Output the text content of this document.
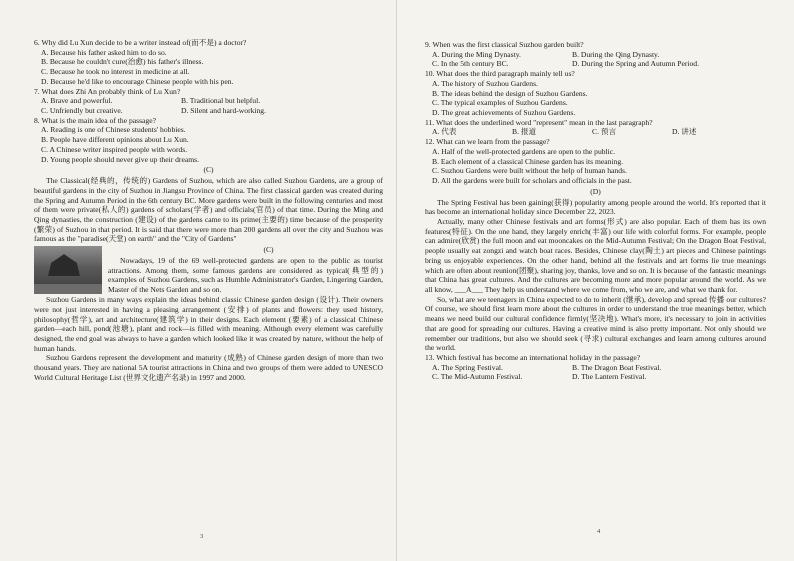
6. Why did Lu Xun decide to be a writer instead of(而不是) a doctor?

A. Because his father asked him to do so.

B. Because he couldn't cure(治愈) his father's illness.

C. Because he took no interest in medicine at all.

D. Because he'd like to encourage Chinese people with his pen.

7. What does Zhi An probably think of Lu Xun?

A. Brave and powerful.	B. Traditional but helpful.
C. Unfriendly but creative.	D. Silent and hard-working.

8. What is the main idea of the passage?

A. Reading is one of Chinese students' hobbies.

B. People have different opinions about Lu Xun.

C. A Chinese writer inspired people with words.

D. Young people should never give up their dreams.

(C)

The Classical(经典的，传统的) Gardens of Suzhou, which are also called Suzhou Gardens, are a group of beautiful gardens in the city of Suzhou in Jiangsu Province of China. The first classical garden was created during the Spring and Autumn Period in the 6th century BC. More gardens were built in the following centuries and most of them were private(私人的) gardens of scholars(学者) and officials(官员) of that time. During the Ming and Qing dynasties, the construction (建设) of the gardens came to its prime(主要的) time because of the prosperity (繁荣) of Suzhou in that period. It is said that there were more than 200 gardens all over the city and Suzhou was famous as the "paradise(天堂) on earth" and the "City of Gardens"

(C)

Nowadays, 19 of the 69 well-protected gardens are open to the public as tourist attractions. Among them, some famous gardens are considered as typical(典型的) examples of Suzhou Gardens, such as Humble Administrator's Garden, Lingering Garden, Master of the Nets Garden and so on.

Suzhou Gardens in many ways explain the ideas behind classic Chinese garden design (设计). Their owners were not just interested in having a pleasing arrangement (安排) of plants and flowers: they used history, philosophy(哲学), art and architecture(建筑学) in their designs. Each element (要素) of a classical Chinese garden—each hill, pond(池塘), plant and rock—is filled with meaning. Although every element was carefully designed, the end goal was always to have a garden which looked like it was created by nature, without the help of human hands.

Suzhou Gardens represent the development and maturity (成熟) of Chinese garden design of more than two thousand years. They are national 5A tourist attractions in China and two groups of them were added to UNESCO World Cultural Heritage List (世界文化遗产名录) in 1997 and 2000.

3

9. When was the first classical Suzhou garden built?

A. During the Ming Dynasty.	B. During the Qing Dynasty.
C. In the 5th century BC.	D. During the Spring and Autumn Period.

10. What does the third paragraph mainly tell us?

A. The history of Suzhou Gardens.

B. The ideas behind the design of Suzhou Gardens.

C. The typical examples of Suzhou Gardens.

D. The great achievements of Suzhou Gardens.

11. What does the underlined word "represent" mean in the last paragraph?

A. 代表	B. 报道	C. 预言	D. 讲述

12. What can we learn from the passage?

A. Half of the well-protected gardens are open to the public.

B. Each element of a classical Chinese garden has its meaning.

C. Suzhou Gardens were built without the help of human hands.

D. All the gardens were built for scholars and officials in the past.

(D)

The Spring Festival has been gaining(获得) popularity among people around the world. It's reported that it has become an international holiday since December 22, 2023.

Actually, many other Chinese festivals and art forms(形式) are also popular. Each of them has its own features(特征). On the one hand, they largely enrich(丰富) our life with colorful forms. For example, people can admire(欣赏) the full moon and eat mooncakes on the Mid-Autumn Festival; On the Dragon Boat Festival, people usually eat zongzi and watch boat races. Besides, Chinese clay(陶土) art pieces and Chinese paintings bring us enjoyable experiences. On the other hand, behind all the festivals and art forms lie true meanings which are often about reunion(团聚), sharing joy, thanks, love and so on. It is because of the fantastic meanings that China has great cultures. And the cultures are becoming more and more popular around the world. As we all know, ___A___ They help us understand where we come from, who we are, and what we thank for.

So, what are we teenagers in China expected to do to inherit (继承), develop and spread 传播 our cultures? Of course, we should first learn more about the cultures in order to understand the true meanings better, which means we need build our cultural confidence firmly(坚决地). What's more, it's necessary to join in activities that are good for spreading our cultures. Having a creative mind is also pretty important. Not only should we remember our traditions, but also we should seek (寻求) cultural exchanges and learn among cultures around the world.

13. Which festival has become an international holiday in the passage?

A. The Spring Festival.	B. The Dragon Boat Festival.
C. The Mid-Autumn Festival.	D. The Lantern Festival.
4
